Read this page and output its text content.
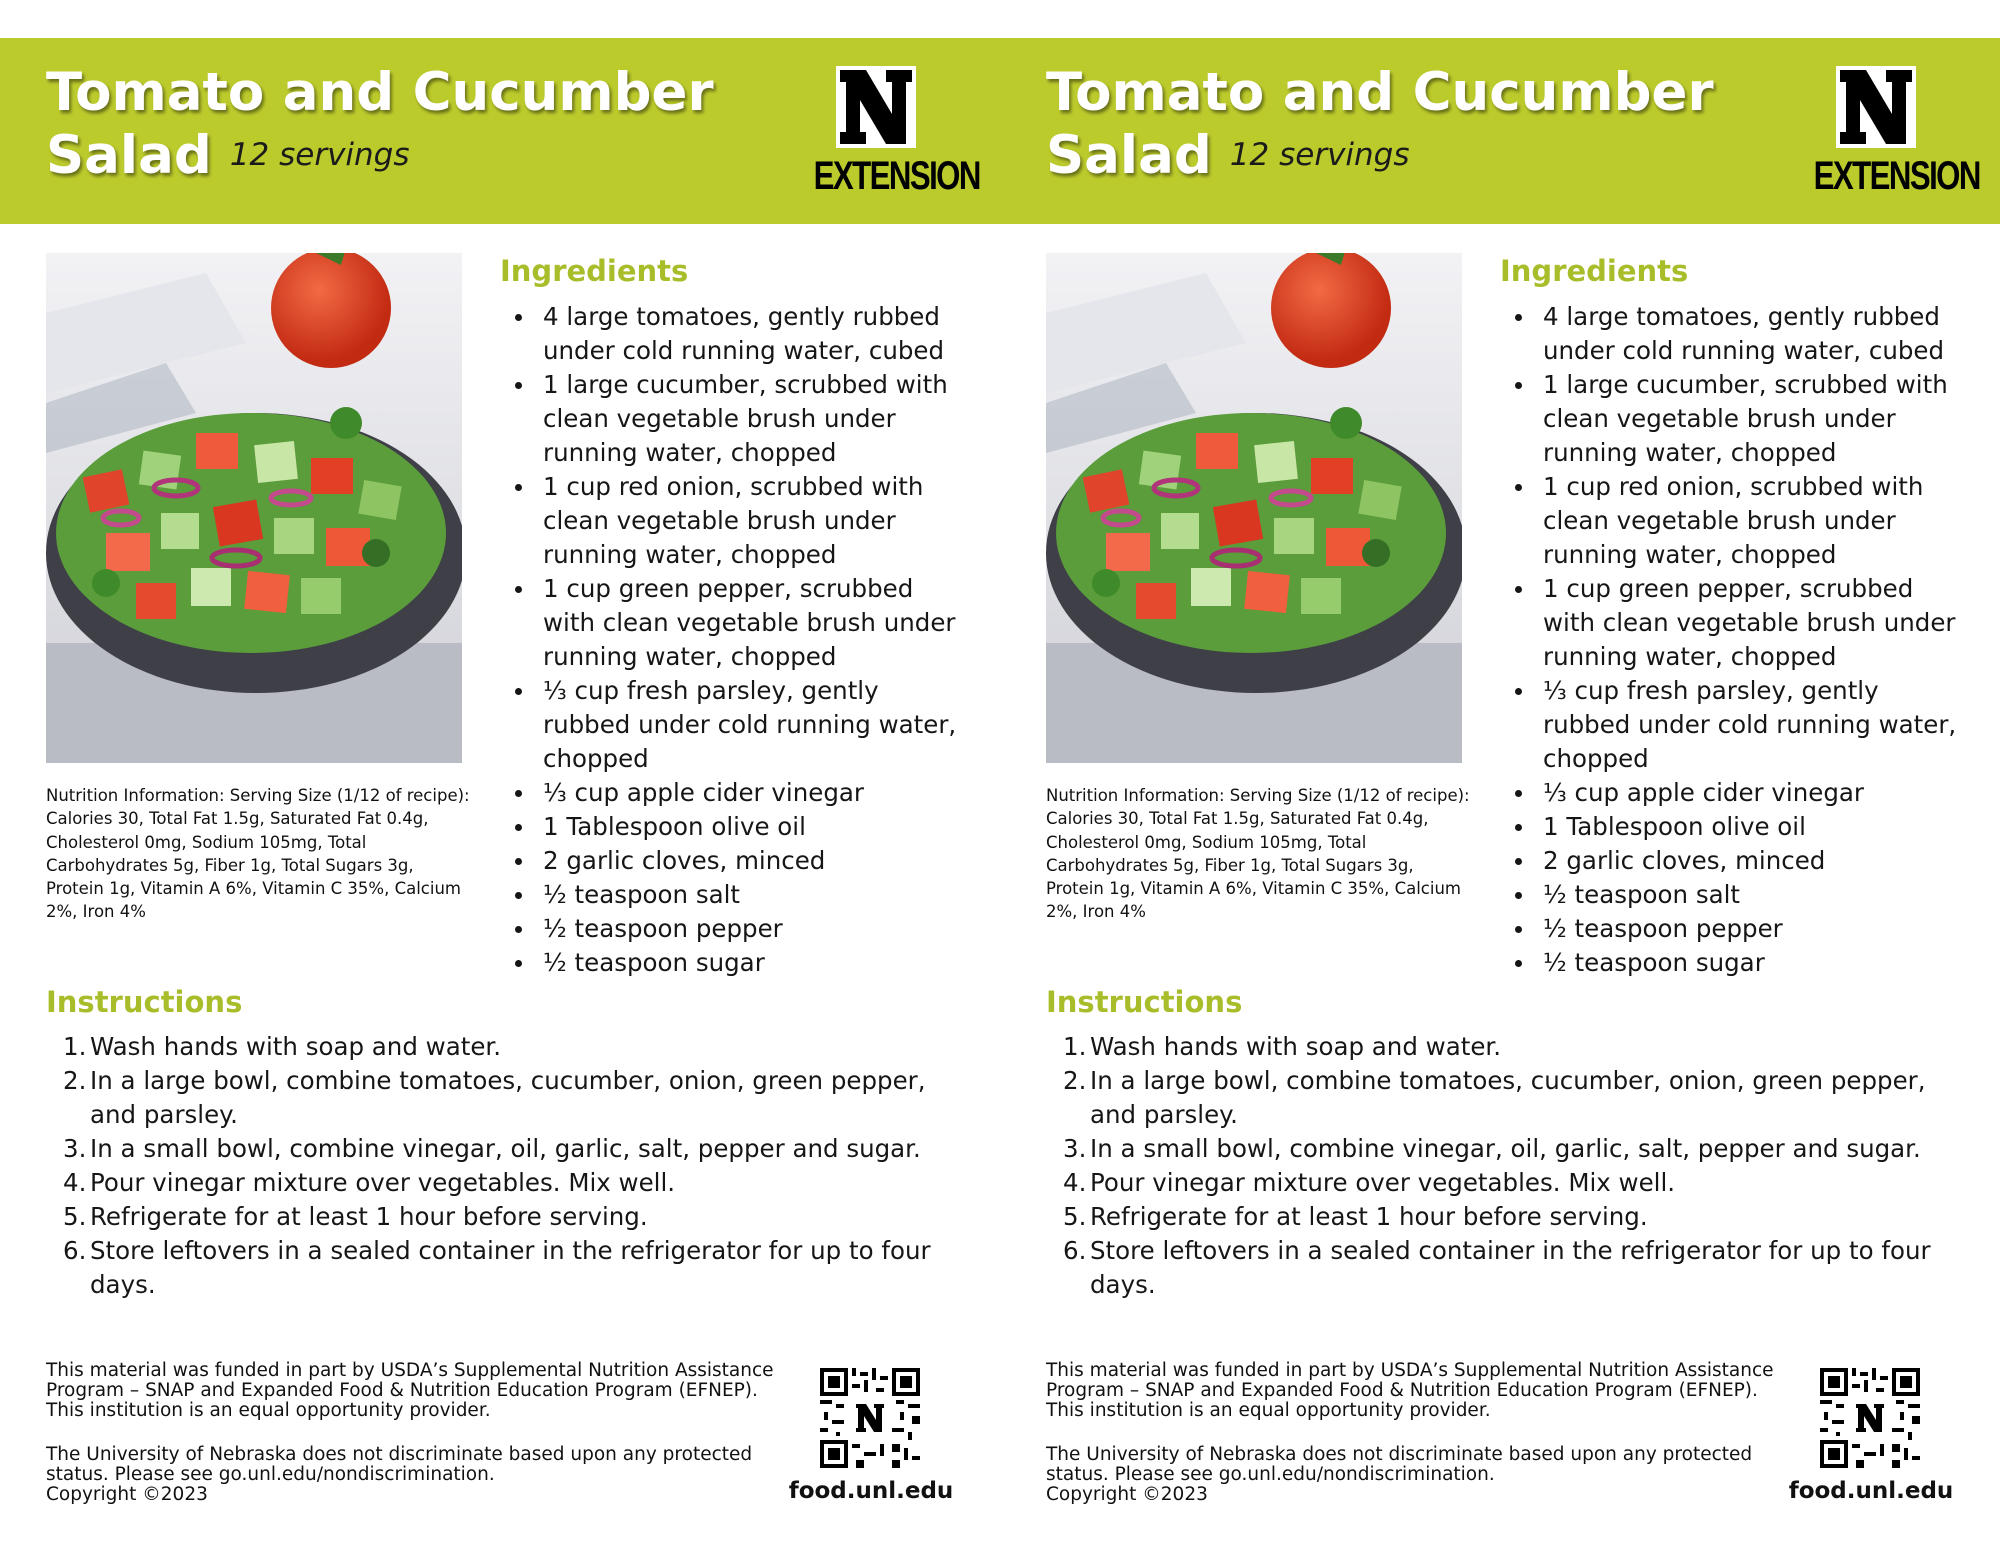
Tomato and Cucumber
Salad 12 servings	EXTENSION
Nutrition Information: Serving Size (1/12 of recipe): Calories 30, Total Fat 1.5g, Saturated Fat 0.4g, Cholesterol 0mg, Sodium 105mg, Total Carbohydrates 5g, Fiber 1g, Total Sugars 3g, Protein 1g, Vitamin A 6%, Vitamin C 35%, Calcium 2%, Iron 4%
Ingredients
4 large tomatoes, gently rubbed under cold running water, cubed
1 large cucumber, scrubbed with clean vegetable brush under running water, chopped
1 cup red onion, scrubbed with clean vegetable brush under running water, chopped
1 cup green pepper, scrubbed with clean vegetable brush under running water, chopped
⅓ cup fresh parsley, gently rubbed under cold running water, chopped
⅓ cup apple cider vinegar
1 Tablespoon olive oil
2 garlic cloves, minced
½ teaspoon salt
½ teaspoon pepper
½ teaspoon sugar
Instructions
1. Wash hands with soap and water.
2. In a large bowl, combine tomatoes, cucumber, onion, green pepper, and parsley.
3. In a small bowl, combine vinegar, oil, garlic, salt, pepper and sugar.
4. Pour vinegar mixture over vegetables. Mix well.
5. Refrigerate for at least 1 hour before serving.
6. Store leftovers in a sealed container in the refrigerator for up to four days.
This material was funded in part by USDA’s Supplemental Nutrition Assistance Program – SNAP and Expanded Food & Nutrition Education Program (EFNEP). This institution is an equal opportunity provider.
The University of Nebraska does not discriminate based upon any protected status. Please see go.unl.edu/nondiscrimination.
Copyright ©2023	food.unl.edu
Tomato and Cucumber
Salad 12 servings	EXTENSION
Nutrition Information: Serving Size (1/12 of recipe): Calories 30, Total Fat 1.5g, Saturated Fat 0.4g, Cholesterol 0mg, Sodium 105mg, Total Carbohydrates 5g, Fiber 1g, Total Sugars 3g, Protein 1g, Vitamin A 6%, Vitamin C 35%, Calcium 2%, Iron 4%
Ingredients
4 large tomatoes, gently rubbed under cold running water, cubed
1 large cucumber, scrubbed with clean vegetable brush under running water, chopped
1 cup red onion, scrubbed with clean vegetable brush under running water, chopped
1 cup green pepper, scrubbed with clean vegetable brush under running water, chopped
⅓ cup fresh parsley, gently rubbed under cold running water, chopped
⅓ cup apple cider vinegar
1 Tablespoon olive oil
2 garlic cloves, minced
½ teaspoon salt
½ teaspoon pepper
½ teaspoon sugar
Instructions
1. Wash hands with soap and water.
2. In a large bowl, combine tomatoes, cucumber, onion, green pepper, and parsley.
3. In a small bowl, combine vinegar, oil, garlic, salt, pepper and sugar.
4. Pour vinegar mixture over vegetables. Mix well.
5. Refrigerate for at least 1 hour before serving.
6. Store leftovers in a sealed container in the refrigerator for up to four days.
This material was funded in part by USDA’s Supplemental Nutrition Assistance Program – SNAP and Expanded Food & Nutrition Education Program (EFNEP). This institution is an equal opportunity provider.
The University of Nebraska does not discriminate based upon any protected status. Please see go.unl.edu/nondiscrimination.
Copyright ©2023	food.unl.edu
